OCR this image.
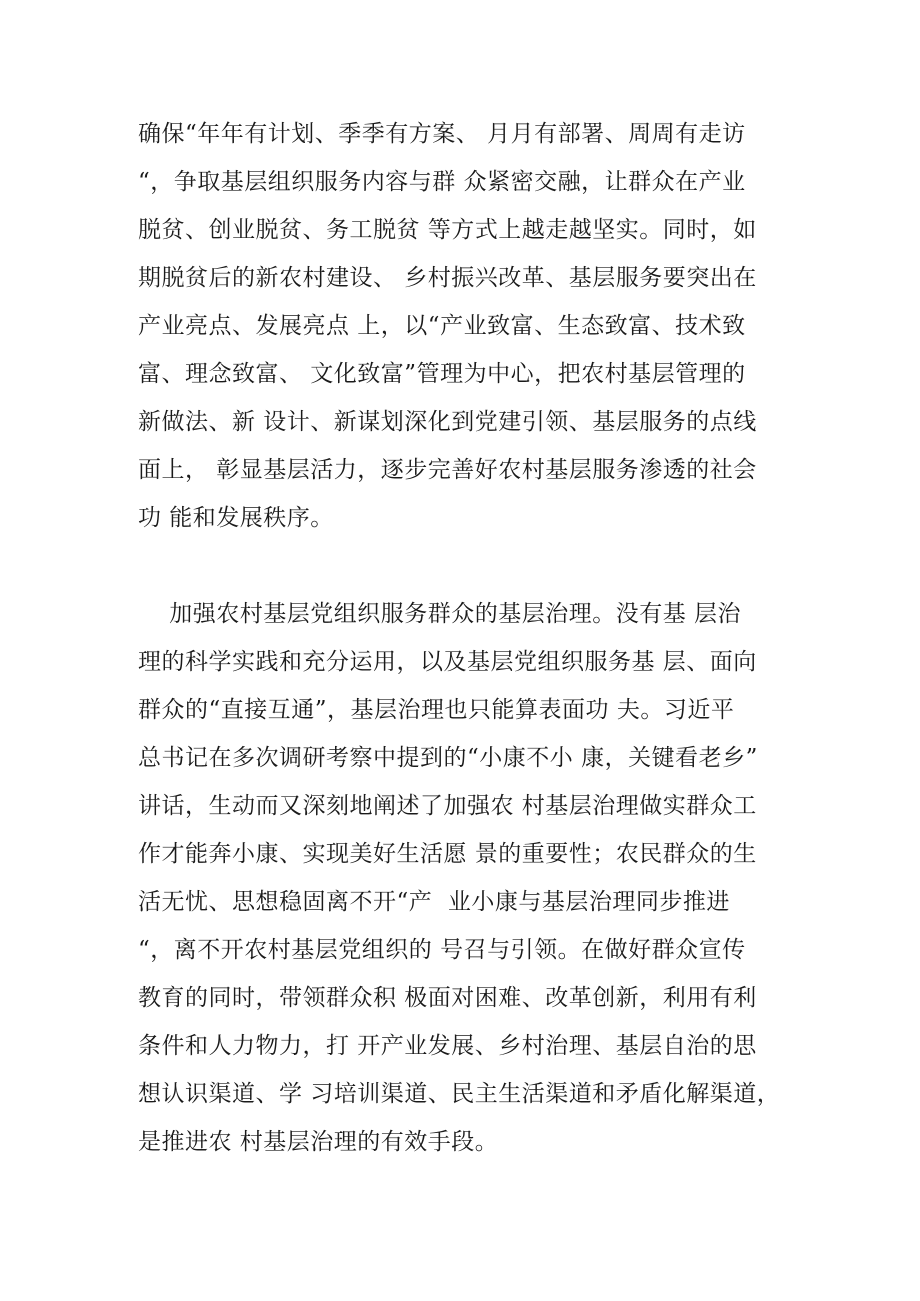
确保“年年有计划、季季有方案、 月月有部署、周周有走访
“，争取基层组织服务内容与群 众紧密交融，让群众在产业
脱贫、创业脱贫、务工脱贫 等方式上越走越坚实。同时，如
期脱贫后的新农村建设、 乡村振兴改革、基层服务要突出在
产业亮点、发展亮点 上，以“产业致富、生态致富、技术致
富、理念致富、 文化致富”管理为中心，把农村基层管理的
新做法、新 设计、新谋划深化到党建引领、基层服务的点线
面上， 彰显基层活力，逐步完善好农村基层服务渗透的社会
功 能和发展秩序。
加强农村基层党组织服务群众的基层治理。没有基 层治
理的科学实践和充分运用，以及基层党组织服务基 层、面向
群众的“直接互通”，基层治理也只能算表面功 夫。习近平
总书记在多次调研考察中提到的“小康不小 康，关键看老乡”
讲话，生动而又深刻地阐述了加强农 村基层治理做实群众工
作才能奔小康、实现美好生活愿 景的重要性；农民群众的生
活无忧、思想稳固离不开“产  业小康与基层治理同步推进
“，离不开农村基层党组织的 号召与引领。在做好群众宣传
教育的同时，带领群众积 极面对困难、改革创新，利用有利
条件和人力物力，打 开产业发展、乡村治理、基层自治的思
想认识渠道、学 习培训渠道、民主生活渠道和矛盾化解渠道，
是推进农 村基层治理的有效手段。
